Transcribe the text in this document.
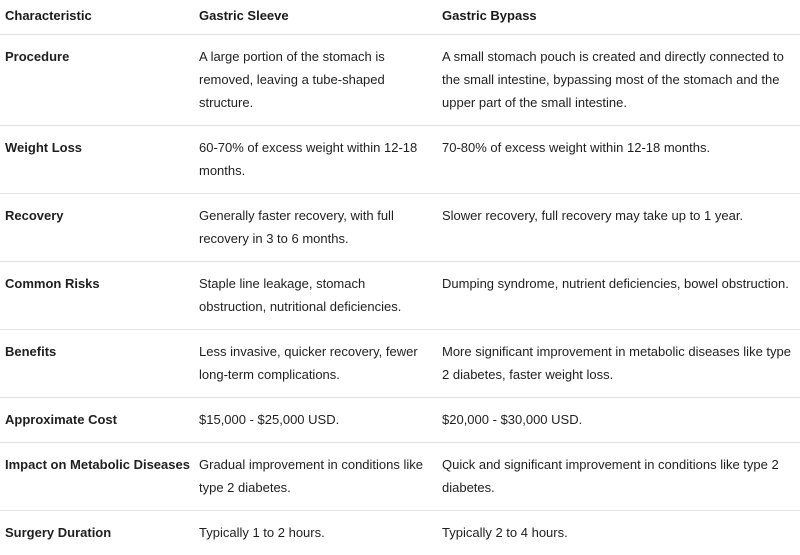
Characteristic	Gastric Sleeve	Gastric Bypass
Procedure	A large portion of the stomach is removed, leaving a tube-shaped structure.	A small stomach pouch is created and directly connected to the small intestine, bypassing most of the stomach and the upper part of the small intestine.
Weight Loss	60-70% of excess weight within 12-18 months.	70-80% of excess weight within 12-18 months.
Recovery	Generally faster recovery, with full recovery in 3 to 6 months.	Slower recovery, full recovery may take up to 1 year.
Common Risks	Staple line leakage, stomach obstruction, nutritional deficiencies.	Dumping syndrome, nutrient deficiencies, bowel obstruction.
Benefits	Less invasive, quicker recovery, fewer long-term complications.	More significant improvement in metabolic diseases like type 2 diabetes, faster weight loss.
Approximate Cost	$15,000 - $25,000 USD.	$20,000 - $30,000 USD.
Impact on Metabolic Diseases	Gradual improvement in conditions like type 2 diabetes.	Quick and significant improvement in conditions like type 2 diabetes.
Surgery Duration	Typically 1 to 2 hours.	Typically 2 to 4 hours.
